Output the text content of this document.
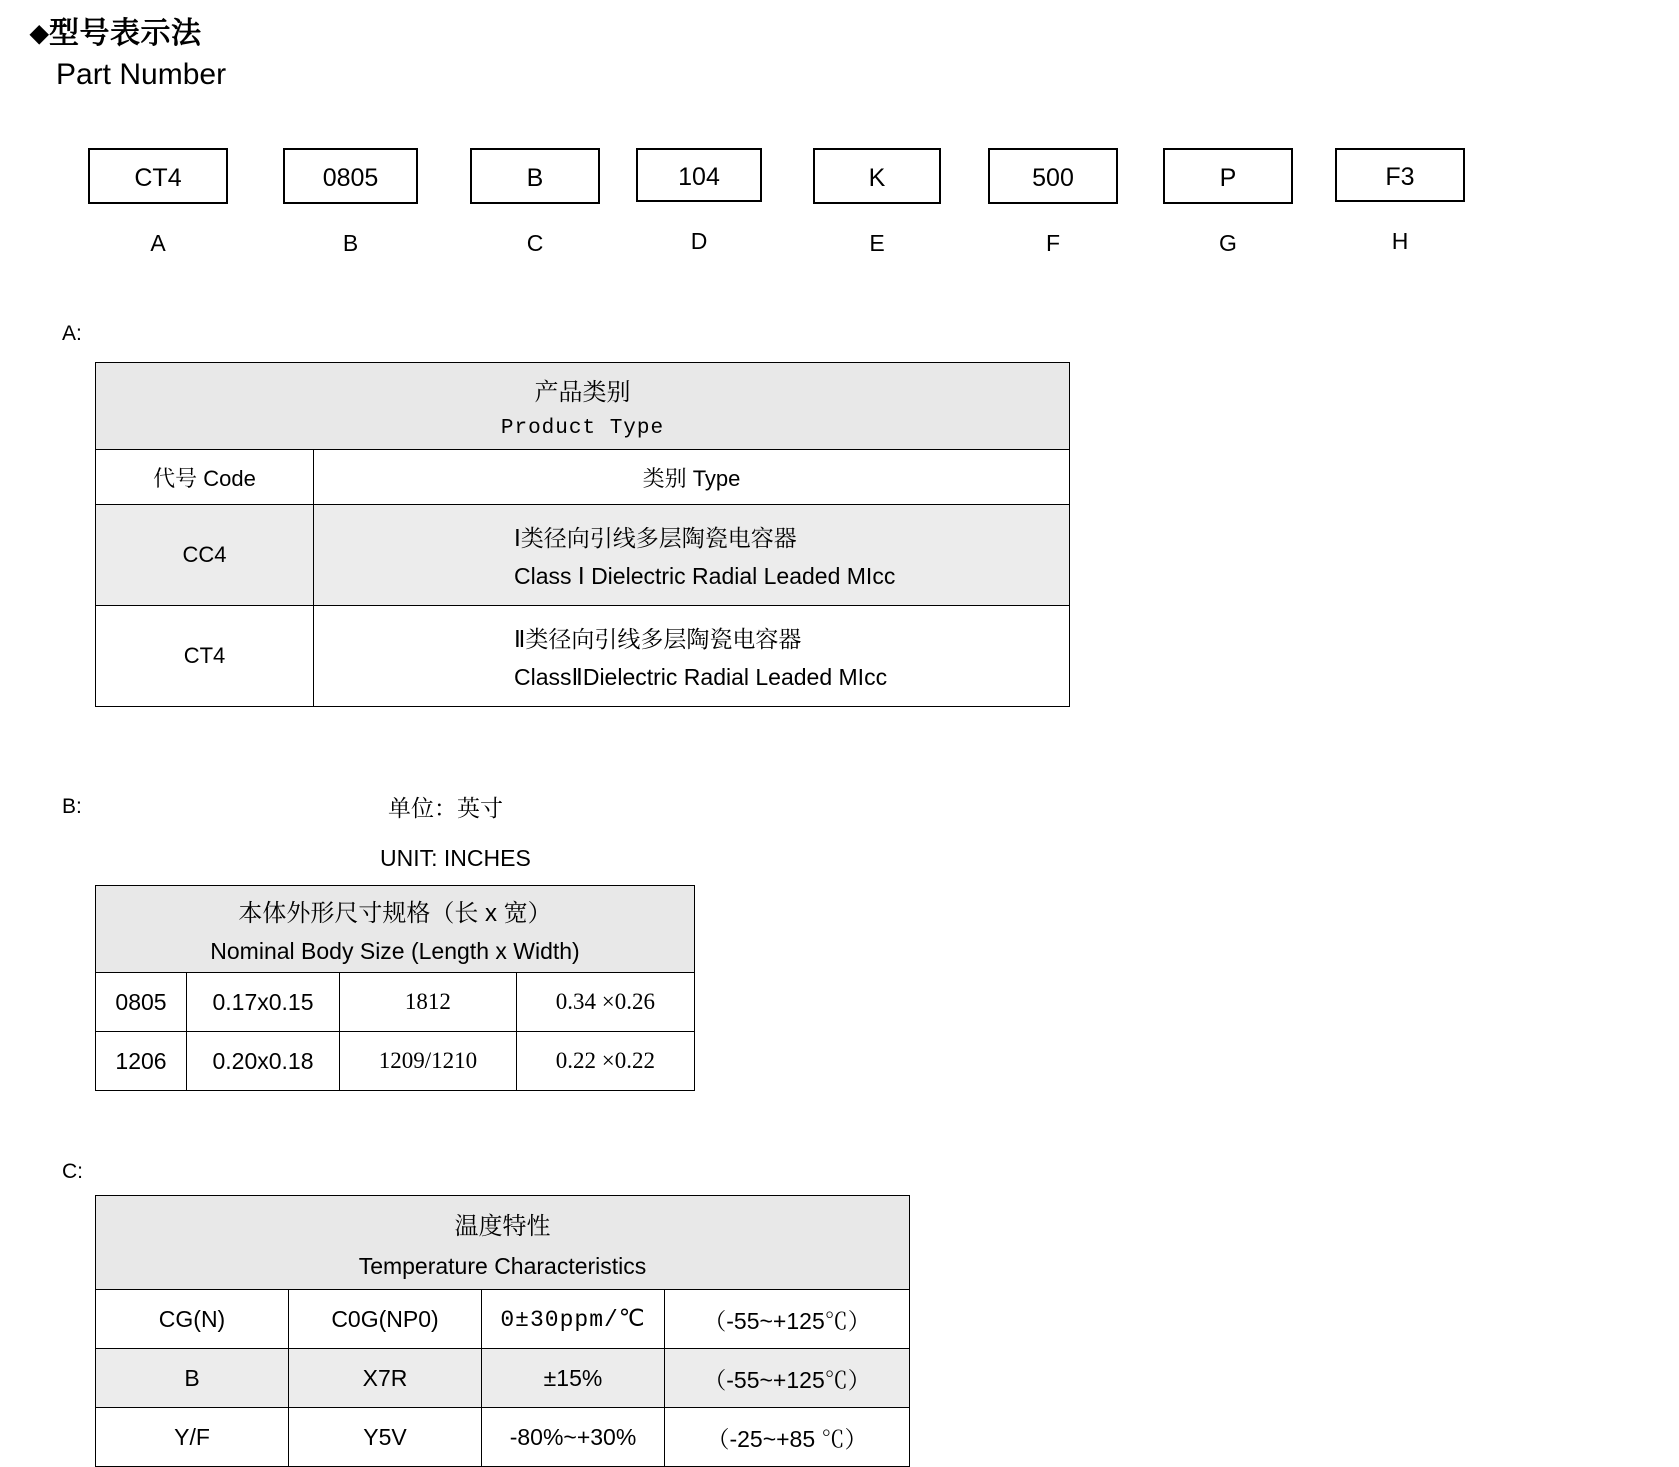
◆型号表示法
Part Number
CT4
A
0805
B
B
C
104
D
K
E
500
F
P
G
F3
H
A:
产品类别
Product Type	

代号 Code	类别 Type
CC4	Ⅰ类径向引线多层陶瓷电容器
Class Ⅰ Dielectric Radial Leaded MIcc

CT4	Ⅱ类径向引线多层陶瓷电容器
ClassⅡDielectric Radial Leaded MIcc
B:	单位：英寸
UNIT: INCHES
本体外形尺寸规格（长 x 宽）
Nominal Body Size (Length x Width)			

0805	0.17x0.15	1812	0.34 ×0.26
1206	0.20x0.18	1209/1210	0.22 ×0.22
C:
温度特性
Temperature Characteristics			

CG(N)	C0G(NP0)	0±30ppm/℃	（-55~+125℃）
B	X7R	±15%	（-55~+125℃）
Y/F	Y5V	-80%~+30%	（-25~+85 ℃）
